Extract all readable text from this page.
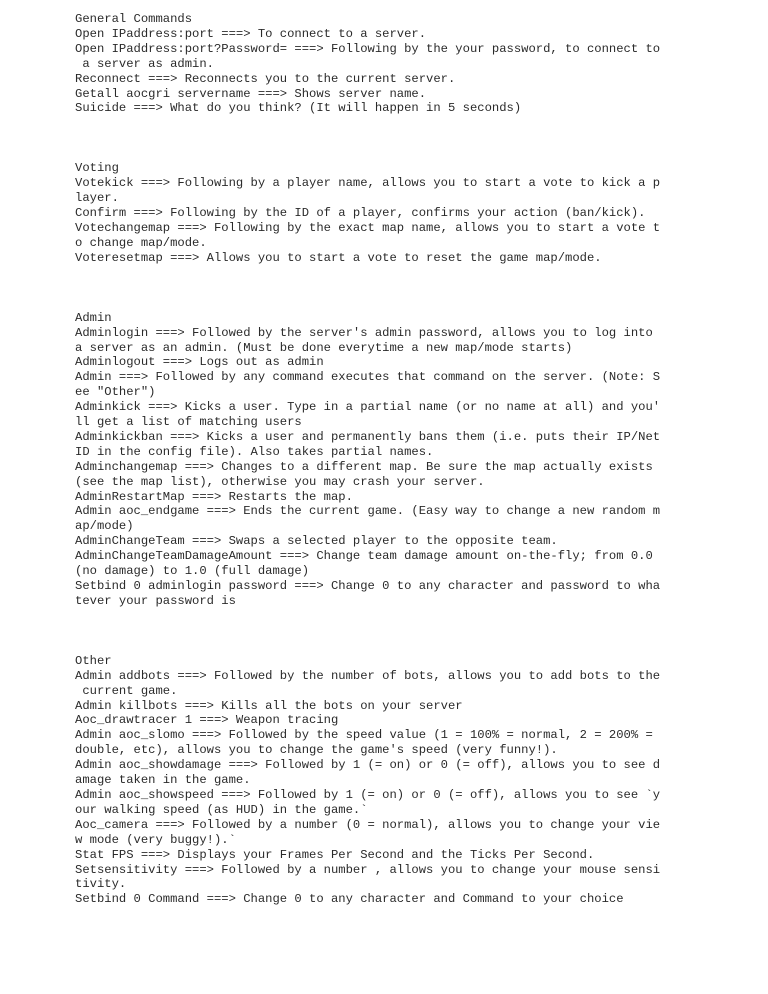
General Commands
Open IPaddress:port ===> To connect to a server.
Open IPaddress:port?Password= ===> Following by the your password, to connect to
a server as admin.
Reconnect ===> Reconnects you to the current server.
Getall aocgri servername ===> Shows server name.
Suicide ===> What do you think? (It will happen in 5 seconds)
Voting
Votekick ===> Following by a player name, allows you to start a vote to kick a p
layer.
Confirm ===> Following by the ID of a player, confirms your action (ban/kick).
Votechangemap ===> Following by the exact map name, allows you to start a vote t
o change map/mode.
Voteresetmap ===> Allows you to start a vote to reset the game map/mode.
Admin
Adminlogin ===> Followed by the server's admin password, allows you to log into
a server as an admin. (Must be done everytime a new map/mode starts)
Adminlogout ===> Logs out as admin
Admin ===> Followed by any command executes that command on the server. (Note: S
ee "Other")
Adminkick ===> Kicks a user. Type in a partial name (or no name at all) and you'
ll get a list of matching users
Adminkickban ===> Kicks a user and permanently bans them (i.e. puts their IP/Net
ID in the config file). Also takes partial names.
Adminchangemap ===> Changes to a different map. Be sure the map actually exists
(see the map list), otherwise you may crash your server.
AdminRestartMap ===> Restarts the map.
Admin aoc_endgame ===> Ends the current game. (Easy way to change a new random m
ap/mode)
AdminChangeTeam ===> Swaps a selected player to the opposite team.
AdminChangeTeamDamageAmount ===> Change team damage amount on-the-fly; from 0.0
(no damage) to 1.0 (full damage)
Setbind 0 adminlogin password ===> Change 0 to any character and password to wha
tever your password is
Other
Admin addbots ===> Followed by the number of bots, allows you to add bots to the
current game.
Admin killbots ===> Kills all the bots on your server
Aoc_drawtracer 1 ===> Weapon tracing
Admin aoc_slomo ===> Followed by the speed value (1 = 100% = normal, 2 = 200% =
double, etc), allows you to change the game's speed (very funny!).
Admin aoc_showdamage ===> Followed by 1 (= on) or 0 (= off), allows you to see d
amage taken in the game.
Admin aoc_showspeed ===> Followed by 1 (= on) or 0 (= off), allows you to see `y
our walking speed (as HUD) in the game.`
Aoc_camera ===> Followed by a number (0 = normal), allows you to change your vie
w mode (very buggy!).`
Stat FPS ===> Displays your Frames Per Second and the Ticks Per Second.
Setsensitivity ===> Followed by a number , allows you to change your mouse sensi
tivity.
Setbind 0 Command ===> Change 0 to any character and Command to your choice
